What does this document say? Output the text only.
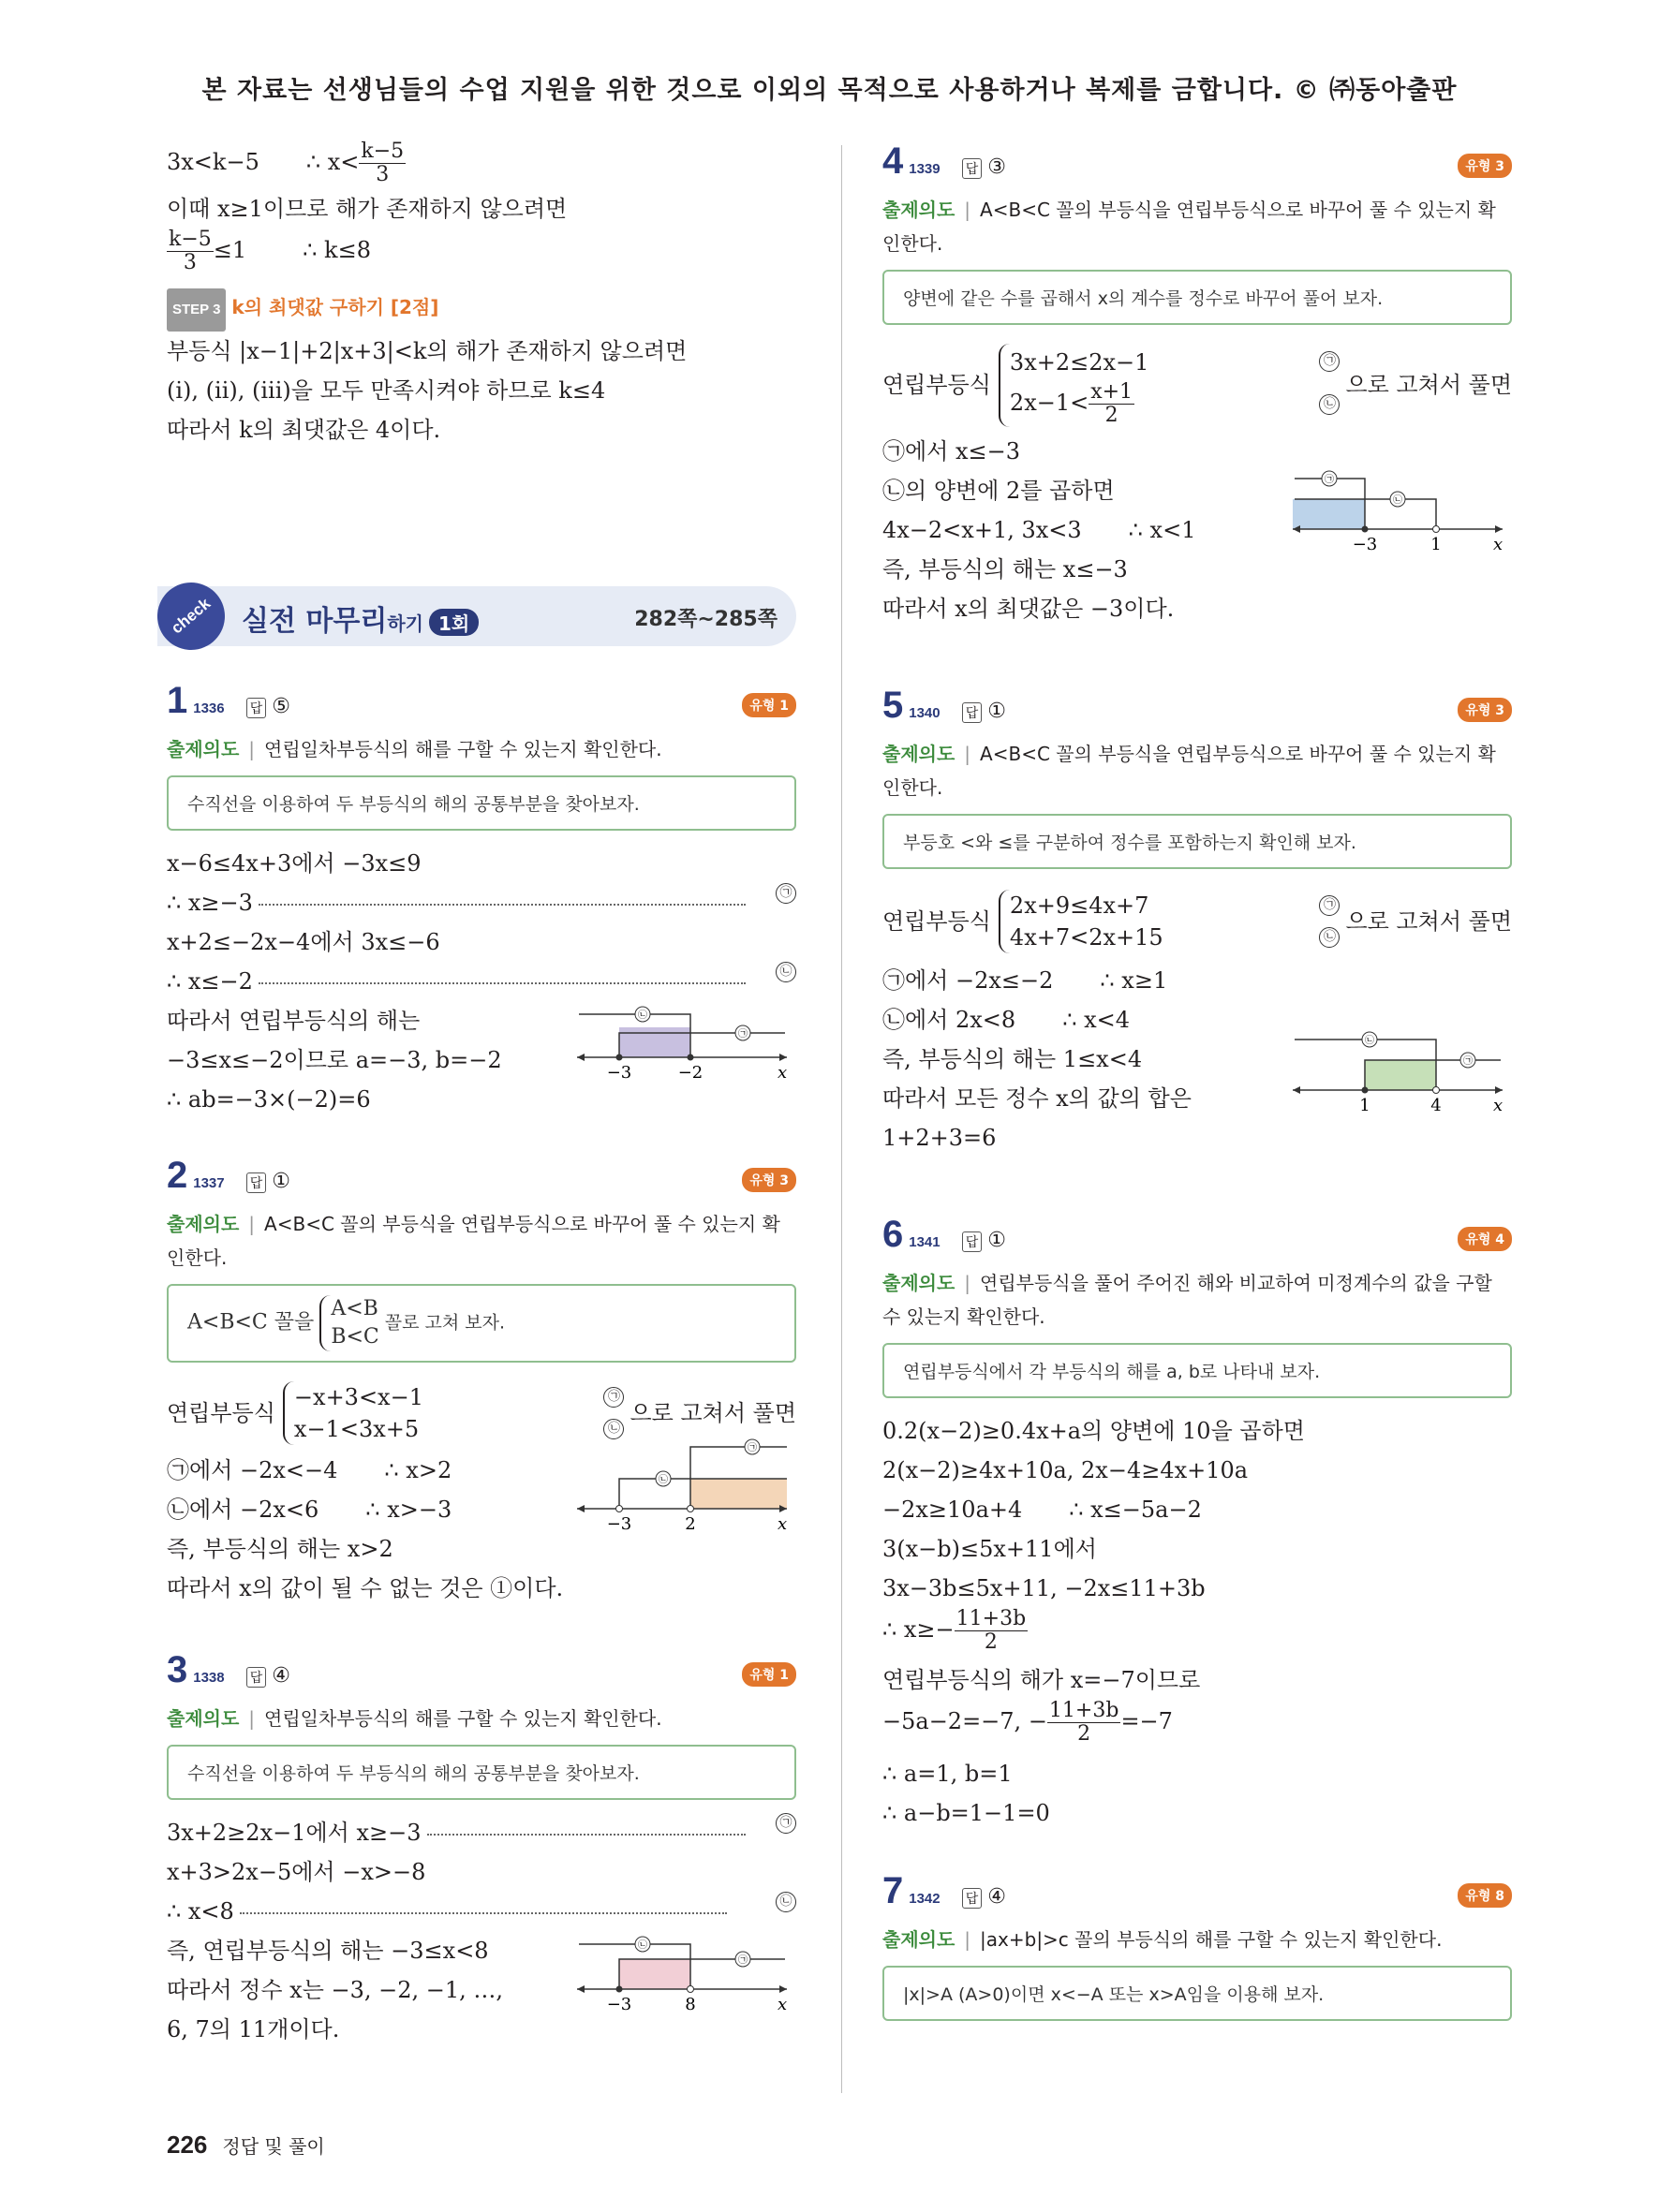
본 자료는 선생님들의 수업 지원을 위한 것으로 이외의 목적으로 사용하거나 복제를 금합니다. © ㈜동아출판
3x<k−5 ∴ $x< \frac{k-5}{3}$
이때 x≥1이므로 해가 존재하지 않으려면
$\frac{k-5}{3} \le 1$	∴ k≤8
STEP 3 k의 최댓값 구하기 [2점]
부등식 |x−1|+2|x+3|<k의 해가 존재하지 않으려면
(i), (ii), (iii)을 모두 만족시켜야 하므로 k≤4
따라서 k의 최댓값은 4이다.
check 실전 마무리하기 1회	282쪽~285쪽
1 1336 답 ⑤	유형 1
출제의도 | 연립일차부등식의 해를 구할 수 있는지 확인한다.
수직선을 이용하여 두 부등식의 해의 공통부분을 찾아보자.
x−6≤4x+3에서 −3x≤9
∴ x≥−3	㉠
x+2≤−2x−4에서 3x≤−6
∴ x≤−2	㉡
따라서 연립부등식의 해는
−3≤x≤−2이므로 a=−3, b=−2
∴ ab=−3×(−2)=6
㉡
㉠
−3	−2	x
2 1337 답 ①	유형 3
출제의도 | A<B<C 꼴의 부등식을 연립부등식으로 바꾸어 풀 수 있는지 확인한다.
A<B<C 꼴을
A<B
B<C
꼴로 고쳐 보자.
연립부등식
−x+3<x−1	㉠
x−1<3x+5	㉡
으로 고쳐서 풀면
㉠에서 −2x<−4 ∴ x>2
㉡에서 −2x<6 ∴ x>−3
즉, 부등식의 해는 x>2
따라서 x의 값이 될 수 없는 것은 ①이다.
㉠
㉡
−3	2	x
3 1338 답 ④	유형 1
출제의도 | 연립일차부등식의 해를 구할 수 있는지 확인한다.
수직선을 이용하여 두 부등식의 해의 공통부분을 찾아보자.
3x+2≥2x−1에서 x≥−3	㉠
x+3>2x−5에서 −x>−8
∴ x<8	㉡
즉, 연립부등식의 해는 −3≤x<8
따라서 정수 x는 −3, −2, −1, …,
6, 7의 11개이다.
㉡
㉠
−3	8	x
4 1339 답 ③	유형 3
출제의도 | A<B<C 꼴의 부등식을 연립부등식으로 바꾸어 풀 수 있는지 확인한다.
양변에 같은 수를 곱해서 x의 계수를 정수로 바꾸어 풀어 보자.
연립부등식
3x+2≤2x−1	㉠
$2x-1< \frac{x+1}{2}$	㉡
으로 고쳐서 풀면
㉠에서 x≤−3
㉡의 양변에 2를 곱하면
4x−2<x+1, 3x<3 ∴ x<1
즉, 부등식의 해는 x≤−3
따라서 x의 최댓값은 −3이다.
㉠
㉡
−3	1	x
5 1340 답 ①	유형 3
출제의도 | A<B<C 꼴의 부등식을 연립부등식으로 바꾸어 풀 수 있는지 확인한다.
부등호 <와 ≤를 구분하여 정수를 포함하는지 확인해 보자.
연립부등식
2x+9≤4x+7	㉠
4x+7<2x+15	㉡
으로 고쳐서 풀면
㉠에서 −2x≤−2 ∴ x≥1
㉡에서 2x<8 ∴ x<4
즉, 부등식의 해는 1≤x<4
따라서 모든 정수 x의 값의 합은
1+2+3=6
㉡
㉠
1	4	x
6 1341 답 ①	유형 4
출제의도 | 연립부등식을 풀어 주어진 해와 비교하여 미정계수의 값을 구할 수 있는지 확인한다.
연립부등식에서 각 부등식의 해를 a, b로 나타내 보자.
0.2(x−2)≥0.4x+a의 양변에 10을 곱하면
2(x−2)≥4x+10a, 2x−4≥4x+10a
−2x≥10a+4 ∴ x≤−5a−2
3(x−b)≤5x+11에서
3x−3b≤5x+11, −2x≤11+3b
∴ $x\ge- \frac{11+3b}{2}$
연립부등식의 해가 x=−7이므로
−5a−2=−7, − $\frac{11+3b}{2} =-7$
∴ a=1, b=1
∴ a−b=1−1=0
7 1342 답 ④	유형 8
출제의도 | |ax+b|>c 꼴의 부등식의 해를 구할 수 있는지 확인한다.
|x|>A (A>0)이면 x<−A 또는 x>A임을 이용해 보자.
226 정답 및 풀이
